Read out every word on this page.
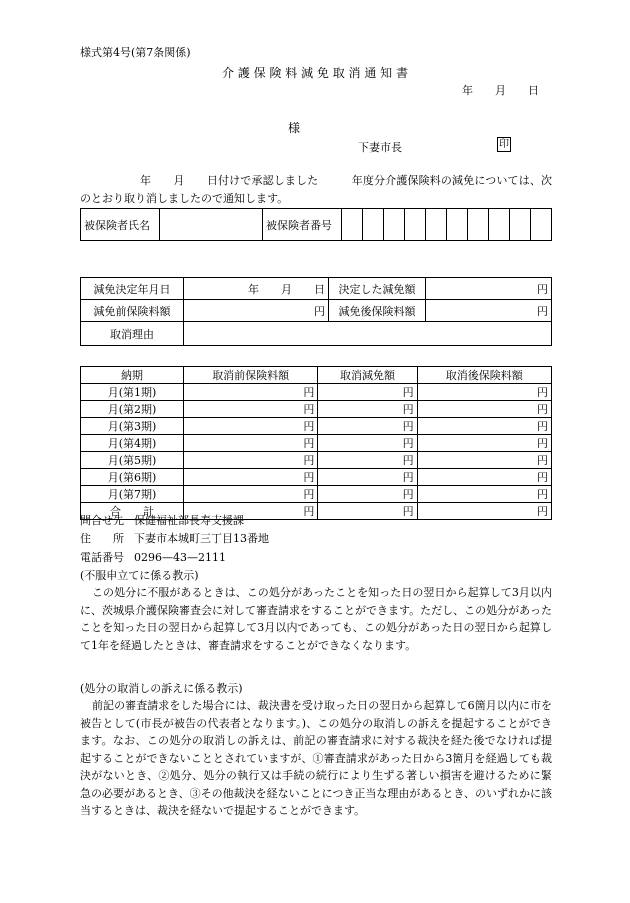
様式第4号(第7条関係)
介 護 保 険 料 減 免 取 消 通 知 書
年　　月　　日
様
下妻市長	印
年　　月　　日付けで承認しました　　　年度分介護保険料の減免については、次のとおり取り消しましたので通知します。
被保険者氏名		被保険者番号										
減免決定年月日	年　　月　　日	決定した減免額	円
減免前保険料額	円	減免後保険料額	円
取消理由			
納期	取消前保険料額	取消減免額	取消後保険料額
月(第1期)	円	円	円
月(第2期)	円	円	円
月(第3期)	円	円	円
月(第4期)	円	円	円
月(第5期)	円	円	円
月(第6期)	円	円	円
月(第7期)	円	円	円
合　　計	円	円	円
問合せ先 保健福祉部長寿支援課
住　　所 下妻市本城町三丁目13番地
電話番号 0296—43—2111
(不服申立てに係る教示)
この処分に不服があるときは、この処分があったことを知った日の翌日から起算して3月以内に、茨城県介護保険審査会に対して審査請求をすることができます。ただし、この処分があったことを知った日の翌日から起算して3月以内であっても、この処分があった日の翌日から起算して1年を経過したときは、審査請求をすることができなくなります。
(処分の取消しの訴えに係る教示)
前記の審査請求をした場合には、裁決書を受け取った日の翌日から起算して6箇月以内に市を被告として(市長が被告の代表者となります。)、この処分の取消しの訴えを提起することができます。なお、この処分の取消しの訴えは、前記の審査請求に対する裁決を経た後でなければ提起することができないこととされていますが、①審査請求があった日から3箇月を経過しても裁決がないとき、②処分、処分の執行又は手続の続行により生ずる著しい損害を避けるために緊急の必要があるとき、③その他裁決を経ないことにつき正当な理由があるとき、のいずれかに該当するときは、裁決を経ないで提起することができます。
